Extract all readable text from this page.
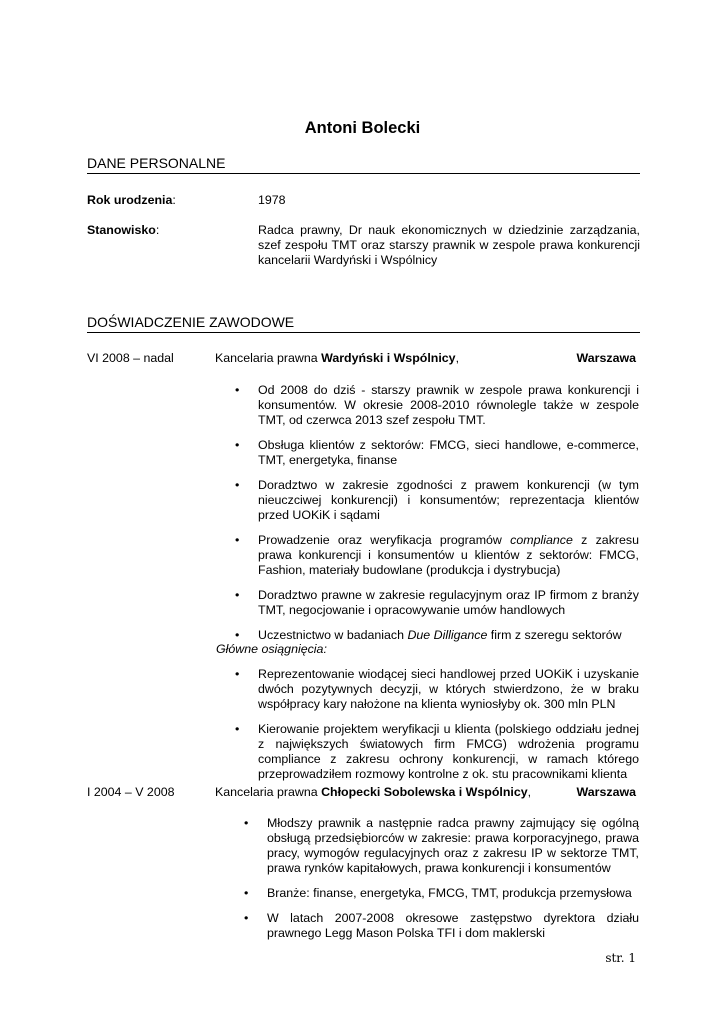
Antoni Bolecki
DANE PERSONALNE
Rok urodzenia:	1978
Stanowisko:	Radca prawny, Dr nauk ekonomicznych w dziedzinie zarządzania, szef zespołu TMT oraz starszy prawnik w zespole prawa konkurencji kancelarii Wardyński i Wspólnicy
DOŚWIADCZENIE ZAWODOWE
VI 2008 – nadal	Kancelaria prawna Wardyński i Wspólnicy,	Warszawa
• Od 2008 do dziś - starszy prawnik w zespole prawa konkurencji i konsumentów. W okresie 2008-2010 równolegle także w zespole TMT, od czerwca 2013 szef zespołu TMT.
• Obsługa klientów z sektorów: FMCG, sieci handlowe, e-commerce, TMT, energetyka, finanse
• Doradztwo w zakresie zgodności z prawem konkurencji (w tym nieuczciwej konkurencji) i konsumentów; reprezentacja klientów przed UOKiK i sądami
• Prowadzenie oraz weryfikacja programów compliance z zakresu prawa konkurencji i konsumentów u klientów z sektorów: FMCG, Fashion, materiały budowlane (produkcja i dystrybucja)
• Doradztwo prawne w zakresie regulacyjnym oraz IP firmom z branży TMT, negocjowanie i opracowywanie umów handlowych
• Uczestnictwo w badaniach Due Dilligance firm z szeregu sektorów
Główne osiągnięcia:
• Reprezentowanie wiodącej sieci handlowej przed UOKiK i uzyskanie dwóch pozytywnych decyzji, w których stwierdzono, że w braku współpracy kary nałożone na klienta wyniosłyby ok. 300 mln PLN
• Kierowanie projektem weryfikacji u klienta (polskiego oddziału jednej z największych światowych firm FMCG) wdrożenia programu compliance z zakresu ochrony konkurencji, w ramach którego przeprowadziłem rozmowy kontrolne z ok. stu pracownikami klienta
I 2004 – V 2008	Kancelaria prawna Chłopecki Sobolewska i Wspólnicy,	Warszawa
• Młodszy prawnik a następnie radca prawny zajmujący się ogólną obsługą przedsiębiorców w zakresie: prawa korporacyjnego, prawa pracy, wymogów regulacyjnych oraz z zakresu IP w sektorze TMT, prawa rynków kapitałowych, prawa konkurencji i konsumentów
• Branże: finanse, energetyka, FMCG, TMT, produkcja przemysłowa
• W latach 2007-2008 okresowe zastępstwo dyrektora działu prawnego Legg Mason Polska TFI i dom maklerski
str. 1
